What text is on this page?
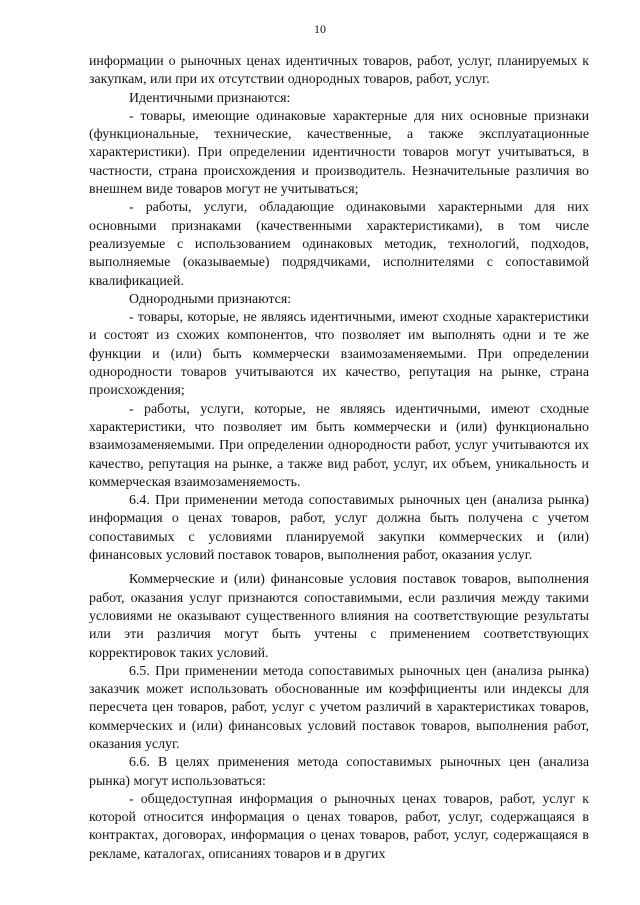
10

информации о рыночных ценах идентичных товаров, работ, услуг, планируемых к закупкам, или при их отсутствии однородных товаров, работ, услуг.

Идентичными признаются:

- товары, имеющие одинаковые характерные для них основные признаки (функциональные, технические, качественные, а также эксплуатационные характеристики). При определении идентичности товаров могут учитываться, в частности, страна происхождения и производитель. Незначительные различия во внешнем виде товаров могут не учитываться;

- работы, услуги, обладающие одинаковыми характерными для них основными признаками (качественными характеристиками), в том числе реализуемые с использованием одинаковых методик, технологий, подходов, выполняемые (оказываемые) подрядчиками, исполнителями с сопоставимой квалификацией.

Однородными признаются:

- товары, которые, не являясь идентичными, имеют сходные характеристики и состоят из схожих компонентов, что позволяет им выполнять одни и те же функции и (или) быть коммерчески взаимозаменяемыми. При определении однородности товаров учитываются их качество, репутация на рынке, страна происхождения;

- работы, услуги, которые, не являясь идентичными, имеют сходные характеристики, что позволяет им быть коммерчески и (или) функционально взаимозаменяемыми. При определении однородности работ, услуг учитываются их качество, репутация на рынке, а также вид работ, услуг, их объем, уникальность и коммерческая взаимозаменяемость.

6.4. При применении метода сопоставимых рыночных цен (анализа рынка) информация о ценах товаров, работ, услуг должна быть получена с учетом сопоставимых с условиями планируемой закупки коммерческих и (или) финансовых условий поставок товаров, выполнения работ, оказания услуг.

Коммерческие и (или) финансовые условия поставок товаров, выполнения работ, оказания услуг признаются сопоставимыми, если различия между такими условиями не оказывают существенного влияния на соответствующие результаты или эти различия могут быть учтены с применением соответствующих корректировок таких условий.

6.5. При применении метода сопоставимых рыночных цен (анализа рынка) заказчик может использовать обоснованные им коэффициенты или индексы для пересчета цен товаров, работ, услуг с учетом различий в характеристиках товаров, коммерческих и (или) финансовых условий поставок товаров, выполнения работ, оказания услуг.

6.6. В целях применения метода сопоставимых рыночных цен (анализа рынка) могут использоваться:

- общедоступная информация о рыночных ценах товаров, работ, услуг к которой относится информация о ценах товаров, работ, услуг, содержащаяся в контрактах, договорах, информация о ценах товаров, работ, услуг, содержащаяся в рекламе, каталогах, описаниях товаров и в других
